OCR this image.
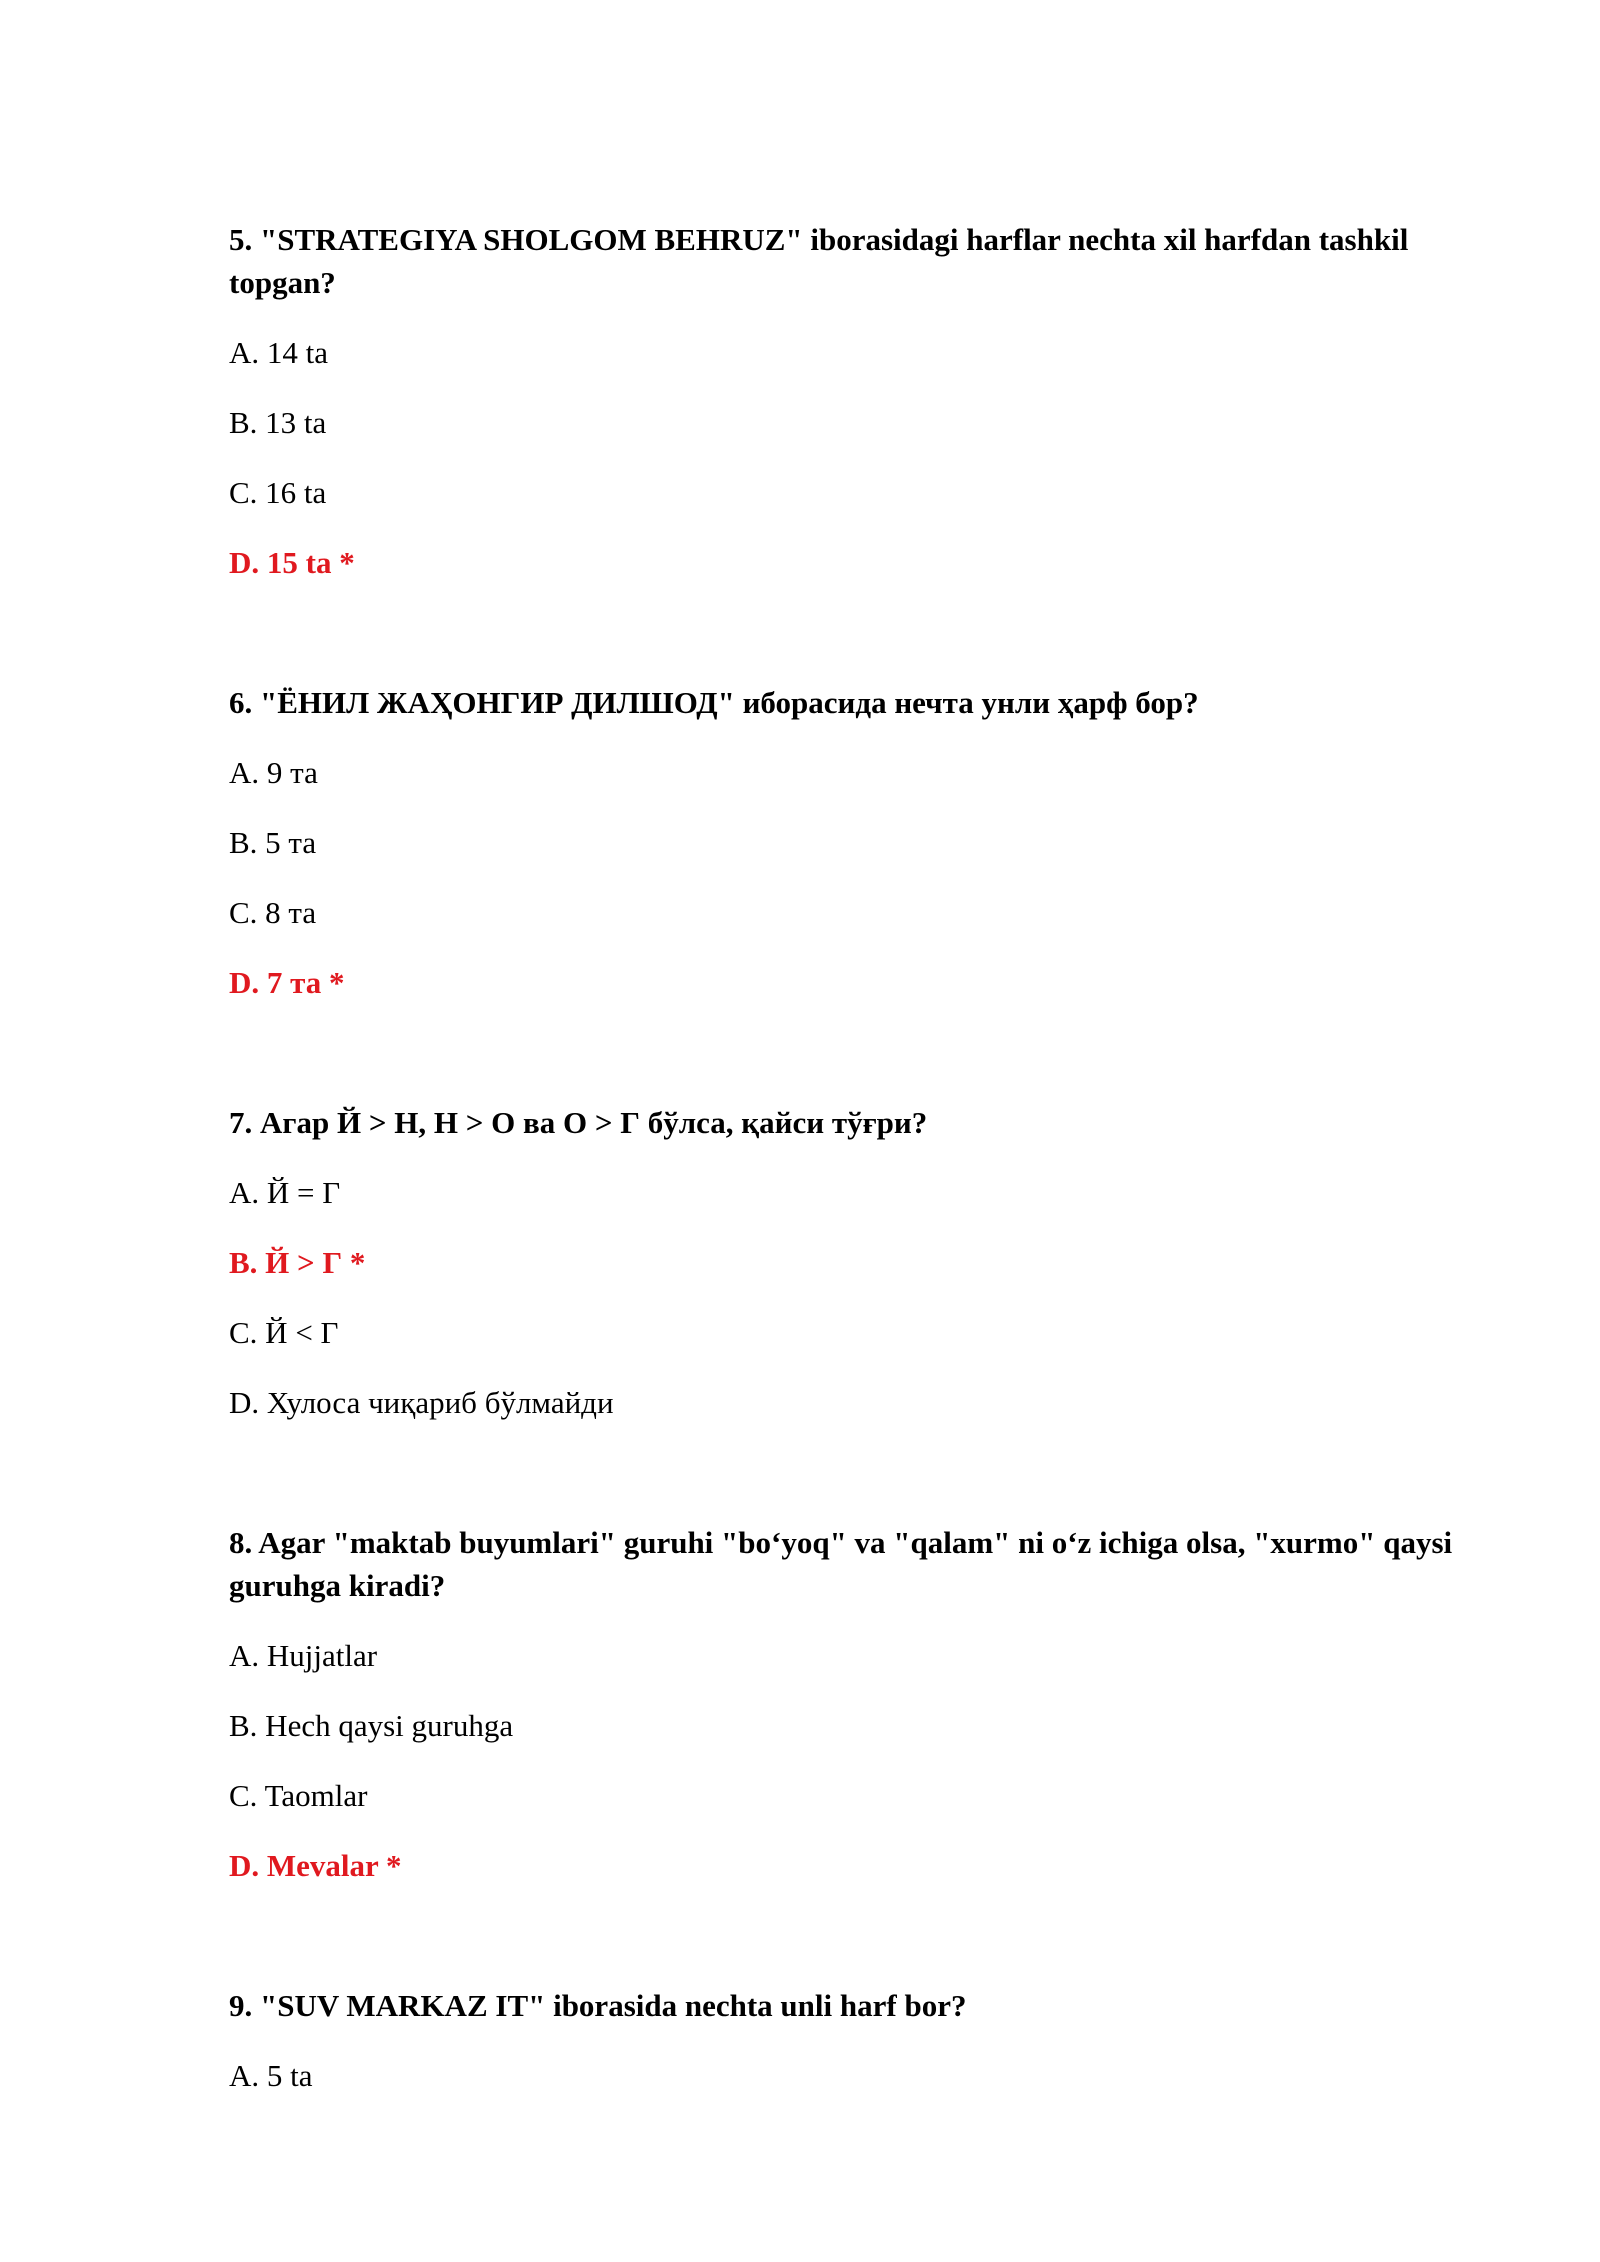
5. "STRATEGIYA SHOLGOM BEHRUZ" iborasidagi harflar nechta xil harfdan tashkil topgan?

A. 14 ta
B. 13 ta
C. 16 ta
D. 15 ta *

6. "ЁНИЛ ЖАҲОНГИР ДИЛШОД" иборасида нечта унли ҳарф бор?

A. 9 та
B. 5 та
C. 8 та
D. 7 та *

7. Агар Й > Н, Н > О ва О > Г бўлса, қайси тўғри?

A. Й = Г
B. Й > Г *
C. Й < Г
D. Хулоса чиқариб бўлмайди

8. Agar "maktab buyumlari" guruhi "bo‘yoq" va "qalam" ni o‘z ichiga olsa, "xurmo" qaysi guruhga kiradi?

A. Hujjatlar
B. Hech qaysi guruhga
C. Taomlar
D. Mevalar *

9. "SUV MARKAZ IT" iborasida nechta unli harf bor?

A. 5 ta
